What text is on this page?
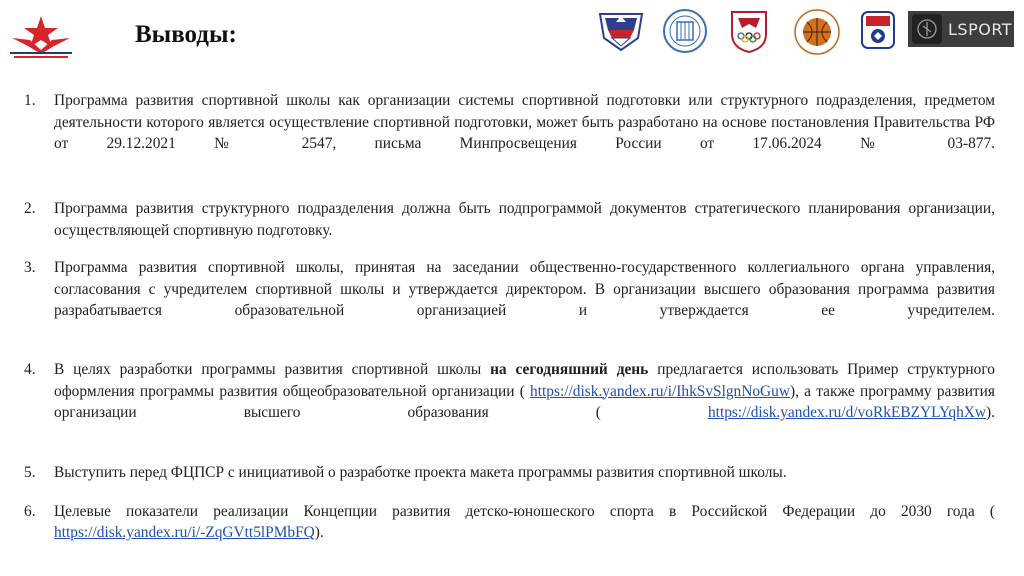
Выводы:	LSPORT
1. Программа развития спортивной школы как организации системы спортивной подготовки или структурного подразделения, предметом деятельности которого является осуществление спортивной подготовки, может быть разработано на основе постановления Правительства РФ от 29.12.2021 № 2547, письма Минпросвещения России от 17.06.2024 № 03-877.
2. Программа развития структурного подразделения должна быть подпрограммой документов стратегического планирования организации, осуществляющей спортивную подготовку.
3. Программа развития спортивной школы, принятая на заседании общественно-государственного коллегиального органа управления, согласования с учредителем спортивной школы и утверждается директором. В организации высшего образования программа развития разрабатывается образовательной организацией и утверждается ее учредителем.
4. В целях разработки программы развития спортивной школы на сегодняшний день предлагается использовать Пример структурного оформления программы развития общеобразовательной организации ( https://disk.yandex.ru/i/IhkSvSlgnNoGuw), а также программу развития организации высшего образования ( https://disk.yandex.ru/d/voRkEBZYLYqhXw).
5. Выступить перед ФЦПСР с инициативой о разработке проекта макета программы развития спортивной школы.
6. Целевые показатели реализации Концепции развития детско-юношеского спорта в Российской Федерации до 2030 года ( https://disk.yandex.ru/i/-ZqGVtt5lPMbFQ).
